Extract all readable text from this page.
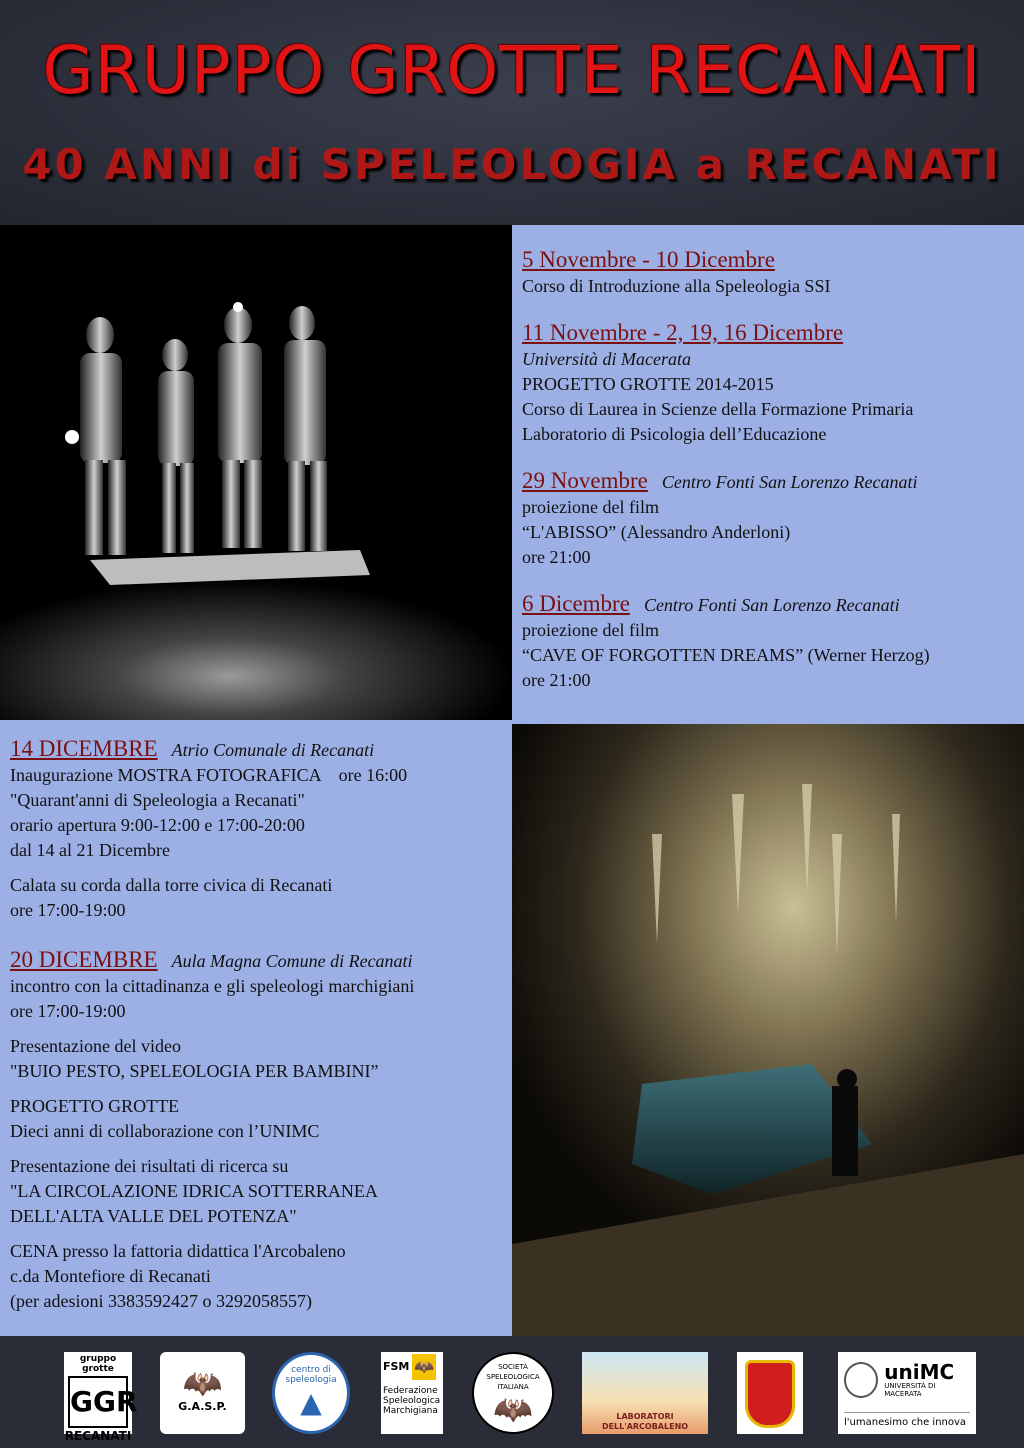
GRUPPO GROTTE RECANATI
40 ANNI di SPELEOLOGIA a RECANATI
5 Novembre - 10 Dicembre
Corso di Introduzione alla Speleologia SSI
11 Novembre - 2, 19, 16 Dicembre
Università di Macerata
PROGETTO GROTTE 2014-2015
Corso di Laurea in Scienze della Formazione Primaria
Laboratorio di Psicologia dell’Educazione
29 Novembre Centro Fonti San Lorenzo Recanati
proiezione del film
“L'ABISSO” (Alessandro Anderloni)
ore 21:00
6 Dicembre Centro Fonti San Lorenzo Recanati
proiezione del film
“CAVE OF FORGOTTEN DREAMS” (Werner Herzog)
ore 21:00
14 DICEMBRE Atrio Comunale di Recanati
Inaugurazione MOSTRA FOTOGRAFICA    ore 16:00
"Quarant'anni di Speleologia a Recanati"
orario apertura 9:00-12:00 e 17:00-20:00
dal 14 al 21 Dicembre
Calata su corda dalla torre civica di Recanati
ore 17:00-19:00
20 DICEMBRE Aula Magna Comune di Recanati
incontro con la cittadinanza e gli speleologi marchigiani
ore 17:00-19:00
Presentazione del video
"BUIO PESTO, SPELEOLOGIA PER BAMBINI”
PROGETTO GROTTE
Dieci anni di collaborazione con l’UNIMC
Presentazione dei risultati di ricerca su
"LA CIRCOLAZIONE IDRICA SOTTERRANEA
DELL'ALTA VALLE DEL POTENZA"
CENA presso la fattoria didattica l'Arcobaleno
c.da Montefiore di Recanati
(per adesioni 3383592427 o 3292058557)
gruppo grotte
GGR
RECANATI
🦇
G.A.S.P.
centro di speleologia
▲
FSM 🦇
Federazione
Speleologica
Marchigiana
SOCIETÀ SPELEOLOGICA ITALIANA
🦇	LABORATORI DELL'ARCOBALENO
uniMC
UNIVERSITÀ DI MACERATA
l'umanesimo che innova
